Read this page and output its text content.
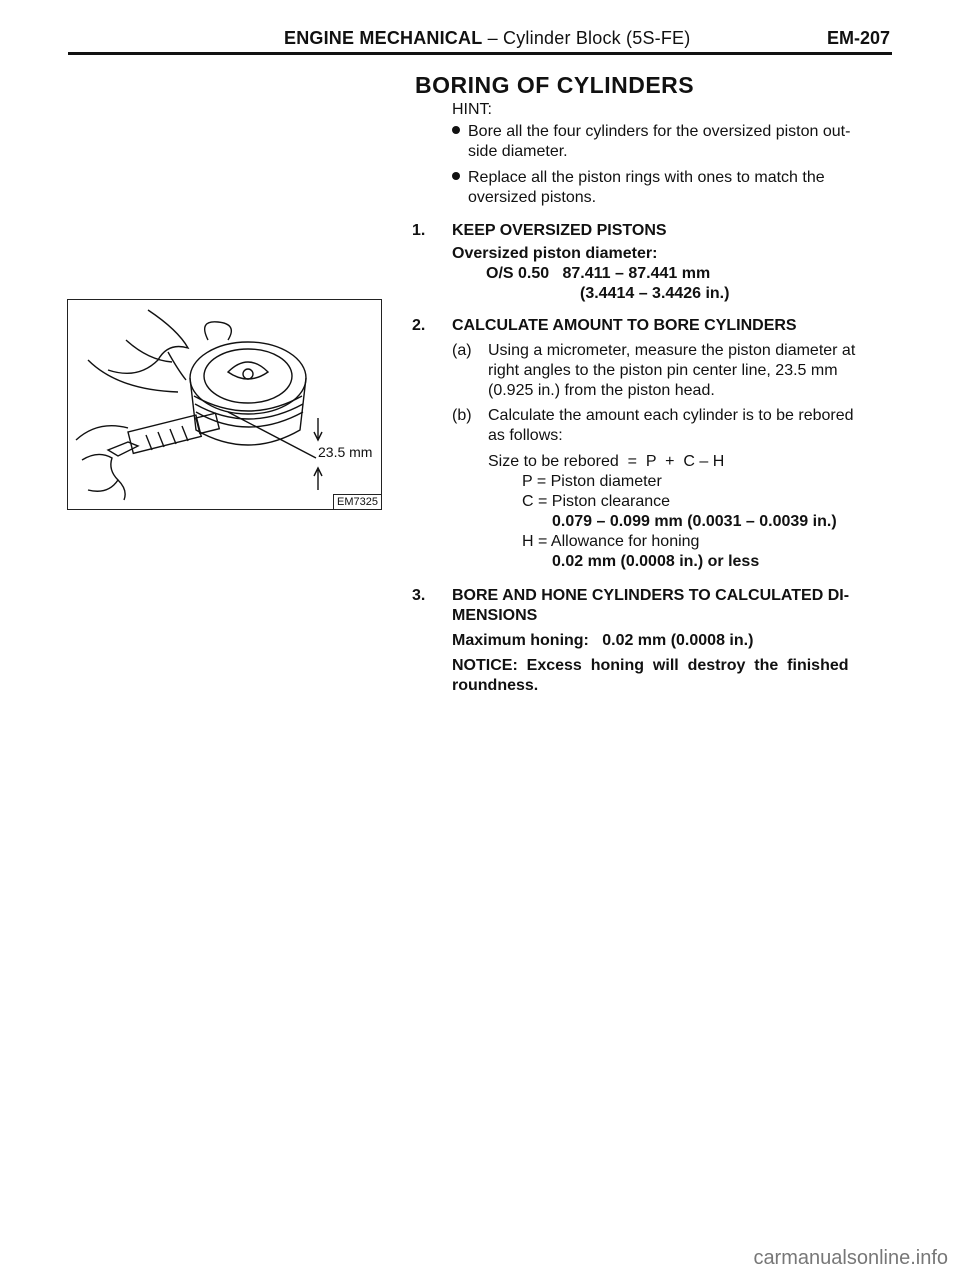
ENGINE MECHANICAL – Cylinder Block (5S-FE)	EM-207
BORING OF CYLINDERS
HINT:
Bore all the four cylinders for the oversized piston out-
side diameter.
Replace all the piston rings with ones to match the
oversized pistons.
1. KEEP OVERSIZED PISTONS
Oversized piston diameter:
O/S 0.50   87.411 – 87.441 mm
(3.4414 – 3.4426 in.)
23.5 mm
EM7325
2. CALCULATE AMOUNT TO BORE CYLINDERS
(a) Using a micrometer, measure the piston diameter at
right angles to the piston pin center line, 23.5 mm
(0.925 in.) from the piston head.
(b) Calculate the amount each cylinder is to be rebored
as follows:
Size to be rebored  =  P  +  C – H
P = Piston diameter
C = Piston clearance
0.079 – 0.099 mm (0.0031 – 0.0039 in.)
H = Allowance for honing
0.02 mm (0.0008 in.) or less
3. BORE AND HONE CYLINDERS TO CALCULATED DI-
MENSIONS
Maximum honing:   0.02 mm (0.0008 in.)
NOTICE:  Excess  honing  will  destroy  the  finished
roundness.
carmanualsonline.info
